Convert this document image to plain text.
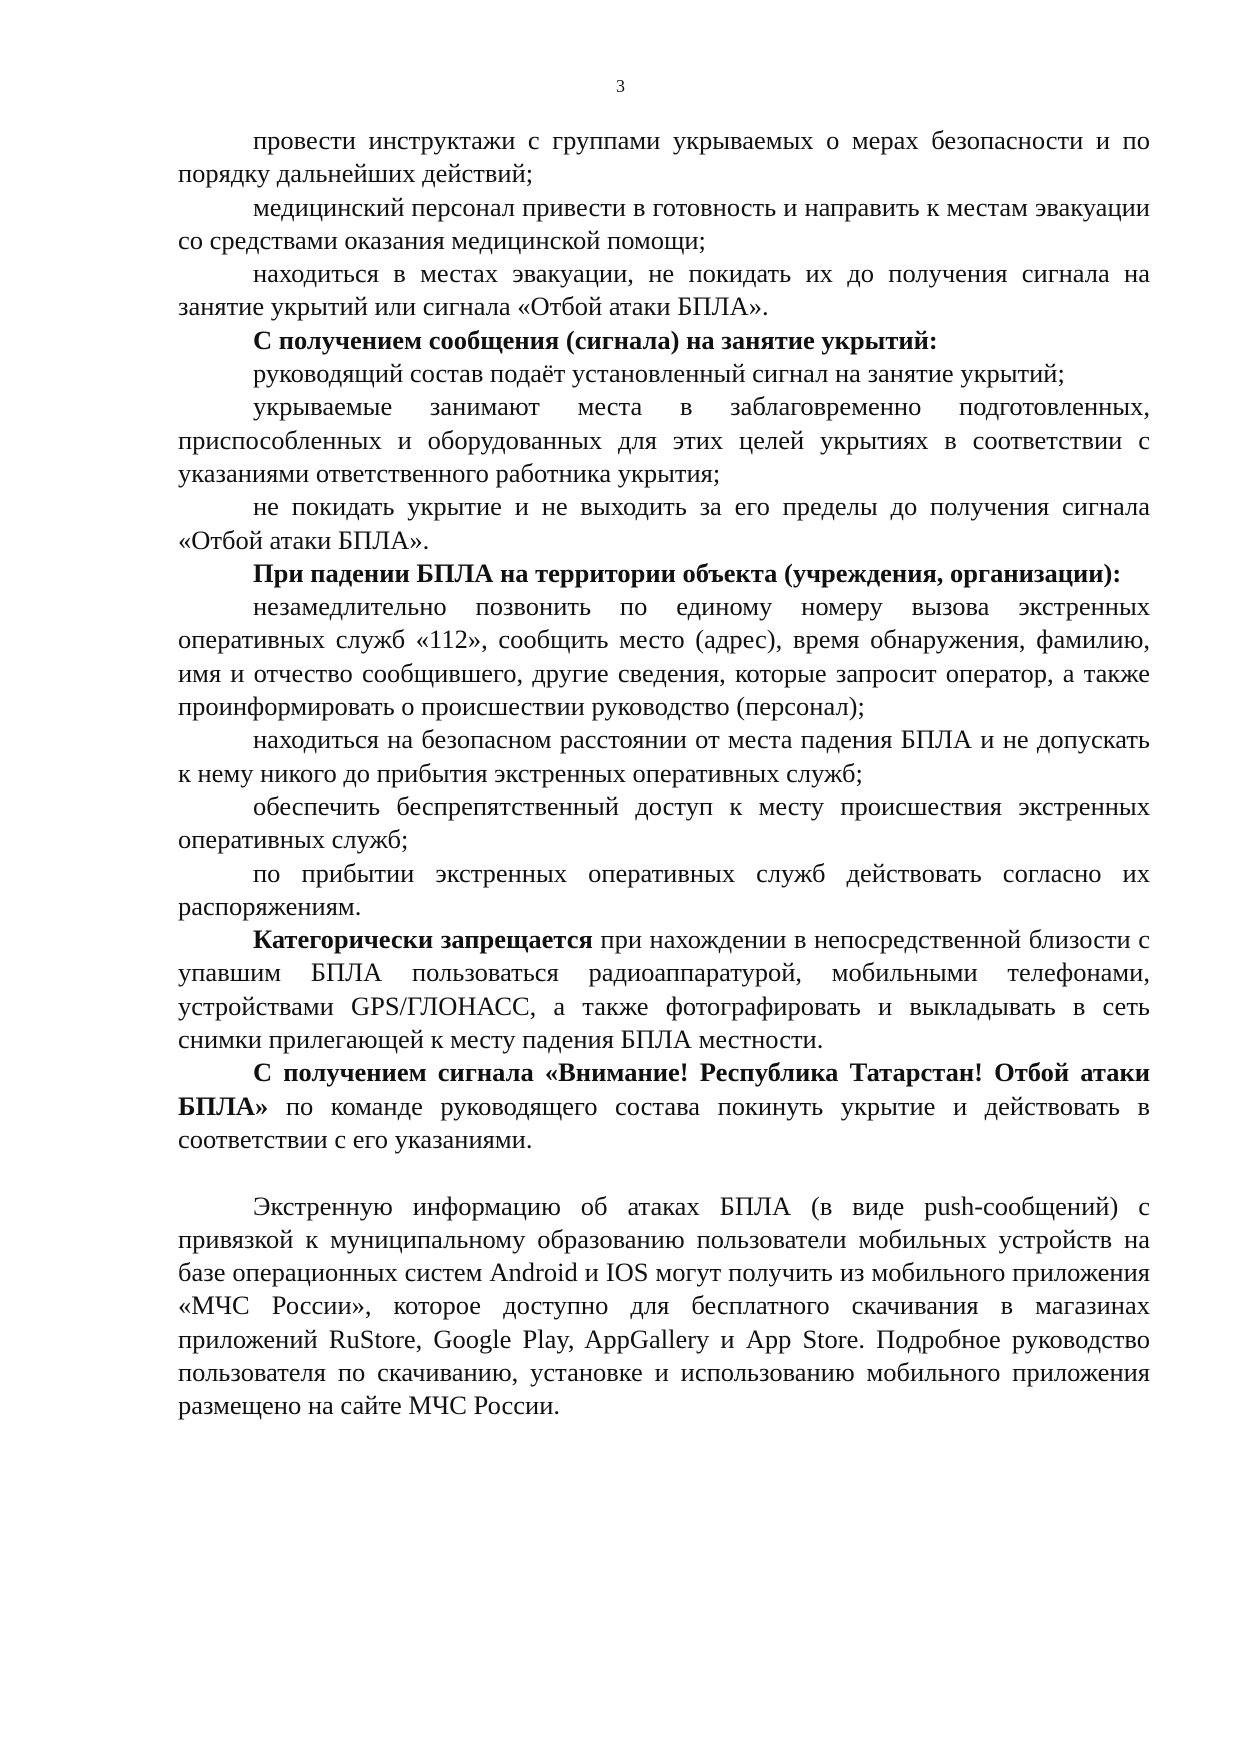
3

провести инструктажи с группами укрываемых о мерах безопасности и по порядку дальнейших действий;

медицинский персонал привести в готовность и направить к местам эвакуации со средствами оказания медицинской помощи;

находиться в местах эвакуации, не покидать их до получения сигнала на занятие укрытий или сигнала «Отбой атаки БПЛА».

С получением сообщения (сигнала) на занятие укрытий:

руководящий состав подаёт установленный сигнал на занятие укрытий;

укрываемые занимают места в заблаговременно подготовленных, приспособленных и оборудованных для этих целей укрытиях в соответствии с указаниями ответственного работника укрытия;

не покидать укрытие и не выходить за его пределы до получения сигнала «Отбой атаки БПЛА».

При падении БПЛА на территории объекта (учреждения, организации):

незамедлительно позвонить по единому номеру вызова экстренных оперативных служб «112», сообщить место (адрес), время обнаружения, фамилию, имя и отчество сообщившего, другие сведения, которые запросит оператор, а также проинформировать о происшествии руководство (персонал);

находиться на безопасном расстоянии от места падения БПЛА и не допускать к нему никого до прибытия экстренных оперативных служб;

обеспечить беспрепятственный доступ к месту происшествия экстренных оперативных служб;

по прибытии экстренных оперативных служб действовать согласно их распоряжениям.

Категорически запрещается при нахождении в непосредственной близости с упавшим БПЛА пользоваться радиоаппаратурой, мобильными телефонами, устройствами GPS/ГЛОНАСС, а также фотографировать и выкладывать в сеть снимки прилегающей к месту падения БПЛА местности.

С получением сигнала «Внимание! Республика Татарстан! Отбой атаки БПЛА» по команде руководящего состава покинуть укрытие и действовать в соответствии с его указаниями.

Экстренную информацию об атаках БПЛА (в виде push-сообщений) с привязкой к муниципальному образованию пользователи мобильных устройств на базе операционных систем Android и IOS могут получить из мобильного приложения «МЧС России», которое доступно для бесплатного скачивания в магазинах приложений RuStore, Google Play, AppGallery и App Store. Подробное руководство пользователя по скачиванию, установке и использованию мобильного приложения размещено на сайте МЧС России.
